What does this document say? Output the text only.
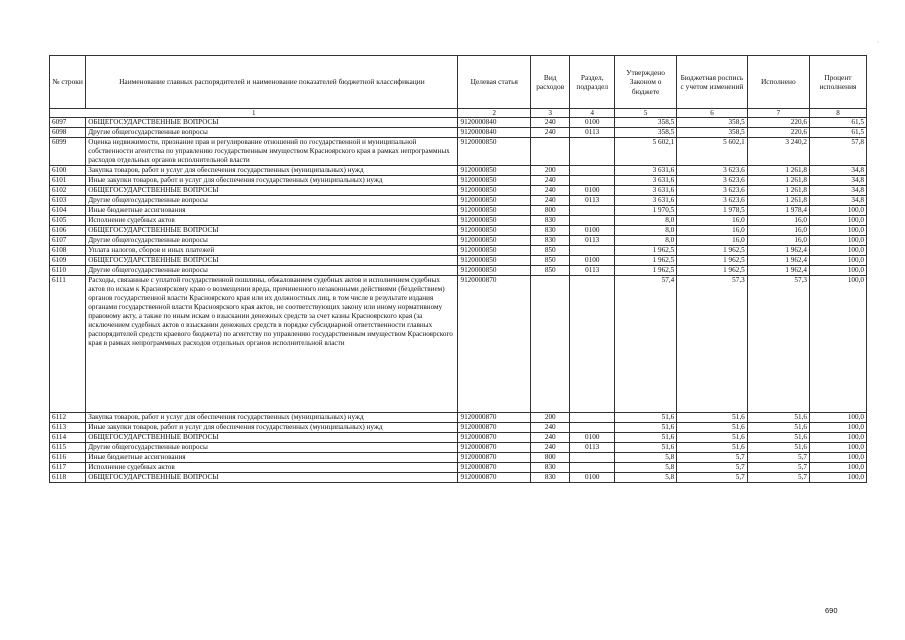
№ строки	Наименование главных распорядителей и наименование показателей бюджетной классификации	Целевая статья	Вид расходов	Раздел, подраздел	Утверждено Законом о бюджете	Бюджетная роспись с учетом изменений	Исполнено	Процент исполнения
1		2	3	4	5	6	7	8
6097	ОБЩЕГОСУДАРСТВЕННЫЕ ВОПРОСЫ	9120000840	240	0100	358,5	358,5	220,6	61,5
6098	Другие общегосударственные вопросы	9120000840	240	0113	358,5	358,5	220,6	61,5
6099	Оценка недвижимости, признание прав и регулирование отношений по государственной и муниципальной собственности агентства по управлению государственным имуществом Красноярского края в рамках непрограммных расходов отдельных органов исполнительной власти	9120000850			5 602,1	5 602,1	3 240,2	57,8
6100	Закупка товаров, работ и услуг для обеспечения государственных (муниципальных) нужд	9120000850	200		3 631,6	3 623,6	1 261,8	34,8
6101	Иные закупки товаров, работ и услуг для обеспечения государственных (муниципальных) нужд	9120000850	240		3 631,6	3 623,6	1 261,8	34,8
6102	ОБЩЕГОСУДАРСТВЕННЫЕ ВОПРОСЫ	9120000850	240	0100	3 631,6	3 623,6	1 261,8	34,8
6103	Другие общегосударственные вопросы	9120000850	240	0113	3 631,6	3 623,6	1 261,8	34,8
6104	Иные бюджетные ассигнования	9120000850	800		1 970,5	1 978,5	1 978,4	100,0
6105	Исполнение судебных актов	9120000850	830		8,0	16,0	16,0	100,0
6106	ОБЩЕГОСУДАРСТВЕННЫЕ ВОПРОСЫ	9120000850	830	0100	8,0	16,0	16,0	100,0
6107	Другие общегосударственные вопросы	9120000850	830	0113	8,0	16,0	16,0	100,0
6108	Уплата налогов, сборов и иных платежей	9120000850	850		1 962,5	1 962,5	1 962,4	100,0
6109	ОБЩЕГОСУДАРСТВЕННЫЕ ВОПРОСЫ	9120000850	850	0100	1 962,5	1 962,5	1 962,4	100,0
6110	Другие общегосударственные вопросы	9120000850	850	0113	1 962,5	1 962,5	1 962,4	100,0
6111	Расходы, связанные с уплатой государственной пошлины, обжалованием судебных актов и исполнением судебных актов по искам к Красноярскому краю о возмещении вреда, причиненного незаконными действиями (бездействием) органов государственной власти Красноярского края или их должностных лиц, в том числе в результате издания органами государственной власти Красноярского края актов, не соответствующих закону или иному нормативному правовому акту, а также по иным искам о взыскании денежных средств за счет казны Красноярского края (за исключением судебных актов о взыскании денежных средств в порядке субсидиарной ответственности главных распорядителей средств краевого бюджета) по агентству по управлению государственным имуществом Красноярского края в рамках непрограммных расходов отдельных органов исполнительной власти	9120000870			57,4	57,3	57,3	100,0
6112	Закупка товаров, работ и услуг для обеспечения государственных (муниципальных) нужд	9120000870	200		51,6	51,6	51,6	100,0
6113	Иные закупки товаров, работ и услуг для обеспечения государственных (муниципальных) нужд	9120000870	240		51,6	51,6	51,6	100,0
6114	ОБЩЕГОСУДАРСТВЕННЫЕ ВОПРОСЫ	9120000870	240	0100	51,6	51,6	51,6	100,0
6115	Другие общегосударственные вопросы	9120000870	240	0113	51,6	51,6	51,6	100,0
6116	Иные бюджетные ассигнования	9120000870	800		5,8	5,7	5,7	100,0
6117	Исполнение судебных актов	9120000870	830		5,8	5,7	5,7	100,0
6118	ОБЩЕГОСУДАРСТВЕННЫЕ ВОПРОСЫ	9120000870	830	0100	5,8	5,7	5,7	100,0
690
·
